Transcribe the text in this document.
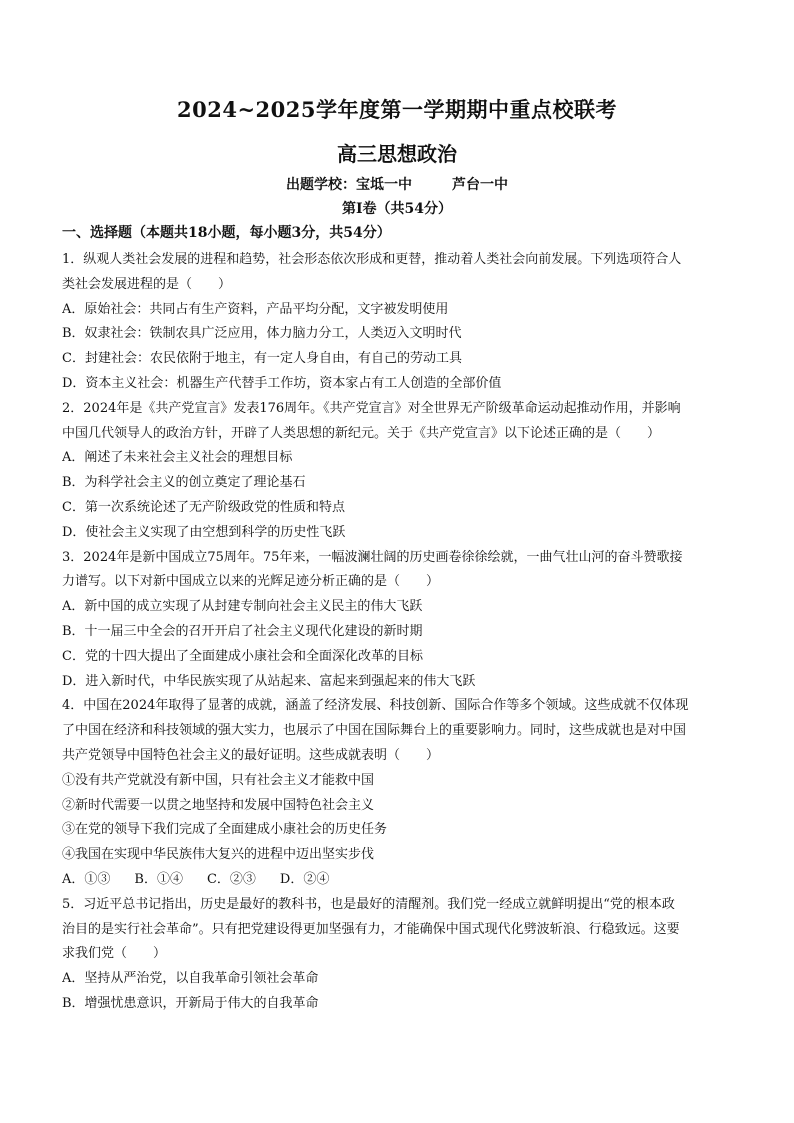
2024~2025学年度第一学期期中重点校联考
高三思想政治
出题学校：宝坻一中	芦台一中
第Ⅰ卷（共54分）
一、选择题（本题共18小题，每小题3分，共54分）
1．纵观人类社会发展的进程和趋势，社会形态依次形成和更替，推动着人类社会向前发展。下列选项符合人
类社会发展进程的是（　　）
A．原始社会：共同占有生产资料，产品平均分配，文字被发明使用
B．奴隶社会：铁制农具广泛应用，体力脑力分工，人类迈入文明时代
C．封建社会：农民依附于地主，有一定人身自由，有自己的劳动工具
D．资本主义社会：机器生产代替手工作坊，资本家占有工人创造的全部价值
2．2024年是《共产党宣言》发表176周年。《共产党宣言》对全世界无产阶级革命运动起推动作用，并影响
中国几代领导人的政治方针，开辟了人类思想的新纪元。关于《共产党宣言》以下论述正确的是（　　）
A．阐述了未来社会主义社会的理想目标
B．为科学社会主义的创立奠定了理论基石
C．第一次系统论述了无产阶级政党的性质和特点
D．使社会主义实现了由空想到科学的历史性飞跃
3．2024年是新中国成立75周年。75年来，一幅波澜壮阔的历史画卷徐徐绘就，一曲气壮山河的奋斗赞歌接
力谱写。以下对新中国成立以来的光辉足迹分析正确的是（　　）
A．新中国的成立实现了从封建专制向社会主义民主的伟大飞跃
B．十一届三中全会的召开开启了社会主义现代化建设的新时期
C．党的十四大提出了全面建成小康社会和全面深化改革的目标
D．进入新时代，中华民族实现了从站起来、富起来到强起来的伟大飞跃
4．中国在2024年取得了显著的成就，涵盖了经济发展、科技创新、国际合作等多个领域。这些成就不仅体现
了中国在经济和科技领域的强大实力，也展示了中国在国际舞台上的重要影响力。同时，这些成就也是对中国
共产党领导中国特色社会主义的最好证明。这些成就表明（　　）
①没有共产党就没有新中国，只有社会主义才能救中国
②新时代需要一以贯之地坚持和发展中国特色社会主义
③在党的领导下我们完成了全面建成小康社会的历史任务
④我国在实现中华民族伟大复兴的进程中迈出坚实步伐
A．①③ B．①④ C．②③ D．②④
5．习近平总书记指出，历史是最好的教科书，也是最好的清醒剂。我们党一经成立就鲜明提出“党的根本政
治目的是实行社会革命”。只有把党建设得更加坚强有力，才能确保中国式现代化劈波斩浪、行稳致远。这要
求我们党（　　）
A．坚持从严治党，以自我革命引领社会革命
B．增强忧患意识，开新局于伟大的自我革命
